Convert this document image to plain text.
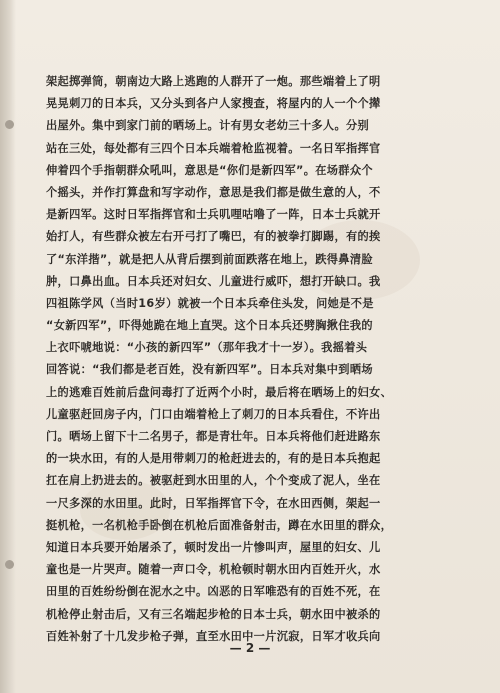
架起掷弹筒，朝南边大路上逃跑的人群开了一炮。那些端着上了明
晃晃刺刀的日本兵，又分头到各户人家搜查，将屋内的人一个个撵
出屋外。集中到家门前的晒场上。计有男女老幼三十多人。分别
站在三处，每处都有三四个日本兵端着枪监视着。一名日军指挥官
伸着四个手指朝群众吼叫，意思是“你们是新四军”。在场群众个
个摇头，并作打算盘和写字动作，意思是我们都是做生意的人，不
是新四军。这时日军指挥官和士兵叽哩咕噜了一阵，日本士兵就开
始打人，有些群众被左右开弓打了嘴巴，有的被拳打脚踢，有的挨
了“东洋揩”，就是把人从背后摆到前面跌落在地上，跌得鼻清脸
肿，口鼻出血。日本兵还对妇女、儿童进行威吓，想打开缺口。我
四祖陈学风（当时16岁）就被一个日本兵牵住头发，问她是不是
“女新四军”，吓得她跪在地上直哭。这个日本兵还劈胸揪住我的
上衣吓唬地说：“小孩的新四军”（那年我才十一岁）。我摇着头
回答说：“我们都是老百姓，没有新四军”。日本兵对集中到晒场
上的逃难百姓前后盘问毒打了近两个小时，最后将在晒场上的妇女、
儿童驱赶回房子内，门口由端着枪上了刺刀的日本兵看住，不许出
门。晒场上留下十二名男子，都是青壮年。日本兵将他们赶进路东
的一块水田，有的人是用带刺刀的枪赶进去的，有的是日本兵抱起
扛在肩上扔进去的。被驱赶到水田里的人，个个变成了泥人，坐在
一尺多深的水田里。此时，日军指挥官下令，在水田西侧，架起一
挺机枪，一名机枪手卧倒在机枪后面准备射击，蹲在水田里的群众，
知道日本兵要开始屠杀了，顿时发出一片惨叫声，屋里的妇女、儿
童也是一片哭声。随着一声口令，机枪顿时朝水田内百姓开火，水
田里的百姓纷纷倒在泥水之中。凶恶的日军唯恐有的百姓不死，在
机枪停止射击后，又有三名端起步枪的日本士兵，朝水田中被杀的
百姓补射了十几发步枪子弹，直至水田中一片沉寂，日军才收兵向
— 2 —
